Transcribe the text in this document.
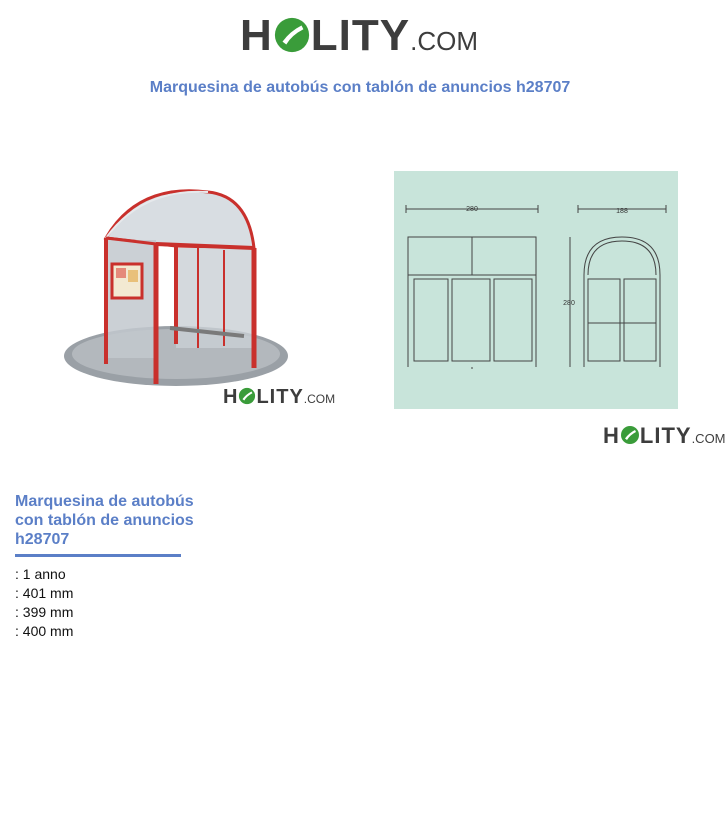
H LITY .COM
Marquesina de autobús con tablón de anuncios h28707
H LITY .COM
280	188
280
H LITY .COM
Marquesina de autobús con tablón de anuncios h28707
: 1 anno
: 401 mm
: 399 mm
: 400 mm
